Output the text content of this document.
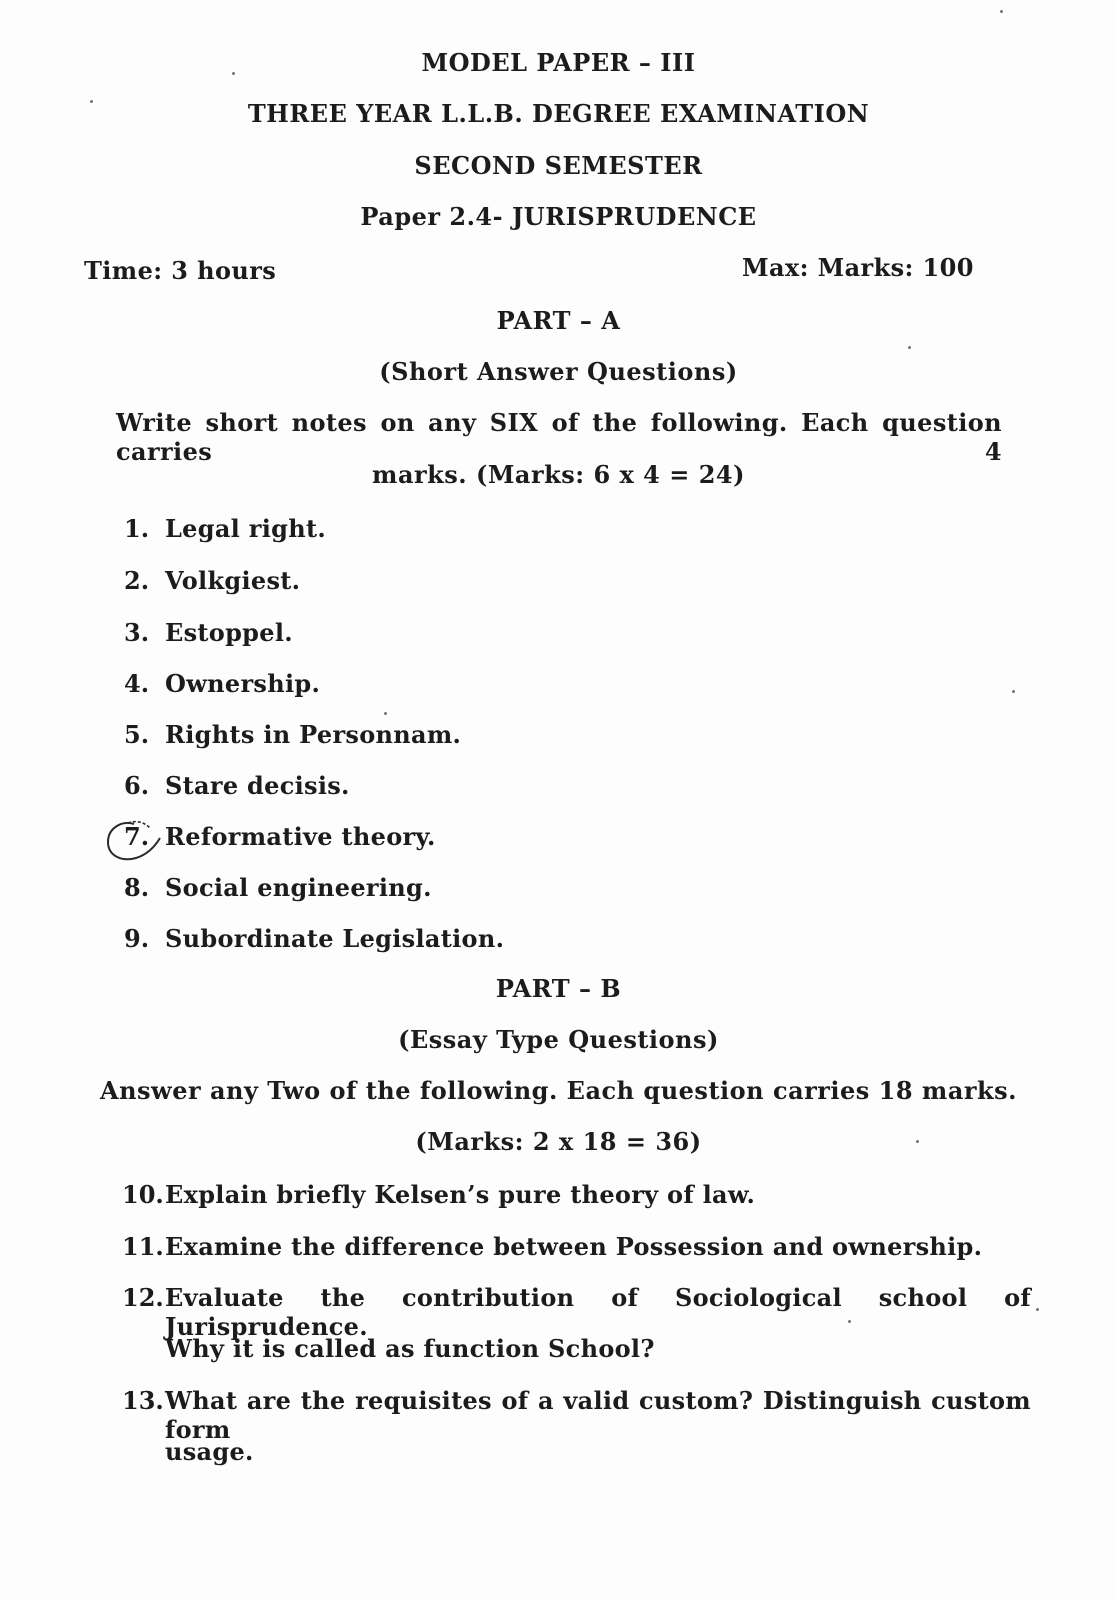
MODEL PAPER – III
THREE YEAR L.L.B. DEGREE EXAMINATION
SECOND SEMESTER
Paper 2.4- JURISPRUDENCE
Time: 3 hours	Max: Marks: 100
PART – A
(Short Answer Questions)
Write short notes on any SIX of the following. Each question carries 4
marks. (Marks: 6 x 4 = 24)
1. Legal right.
2. Volkgiest.
3. Estoppel.
4. Ownership.
5. Rights in Personnam.
6. Stare decisis.
7. Reformative theory.
8. Social engineering.
9. Subordinate Legislation.
PART – B
(Essay Type Questions)
Answer any Two of the following. Each question carries 18 marks.
(Marks: 2 x 18 = 36)
10. Explain briefly Kelsen’s pure theory of law.
11. Examine the difference between Possession and ownership.
12. Evaluate the contribution of Sociological school of Jurisprudence.
Why it is called as function School?
13. What are the requisites of a valid custom? Distinguish custom form
usage.
